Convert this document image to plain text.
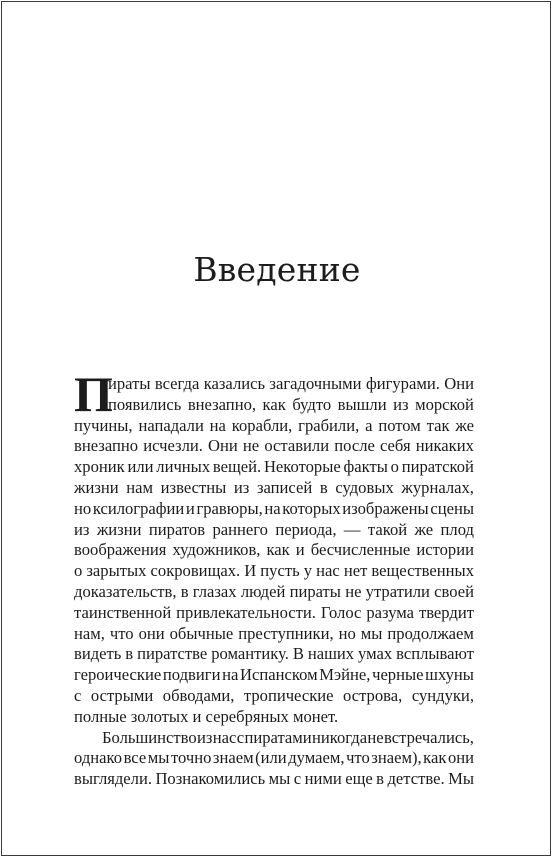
Введение
П
ираты всегда казались загадочными фигурами. Они
появились внезапно, как будто вышли из морской
пучины, нападали на корабли, грабили, а потом так же
внезапно исчезли. Они не оставили после себя никаких
хроник или личных вещей. Некоторые факты о пиратской
жизни нам известны из записей в судовых журналах,
но ксилографии и гравюры, на которых изображены сцены
из жизни пиратов раннего периода, — такой же плод
воображения художников, как и бесчисленные истории
о зарытых сокровищах. И пусть у нас нет вещественных
доказательств, в глазах людей пираты не утратили своей
таинственной привлекательности. Голос разума твердит
нам, что они обычные преступники, но мы продолжаем
видеть в пиратстве романтику. В наших умах всплывают
героические подвиги на Испанском Мэйне, черные шхуны
с острыми обводами, тропические острова, сундуки,
полные золотых и серебряных монет.
Большинство из нас с пиратами никогда не встречались,
однако все мы точно знаем (или думаем, что знаем), как они
выглядели. Познакомились мы с ними еще в детстве. Мы
